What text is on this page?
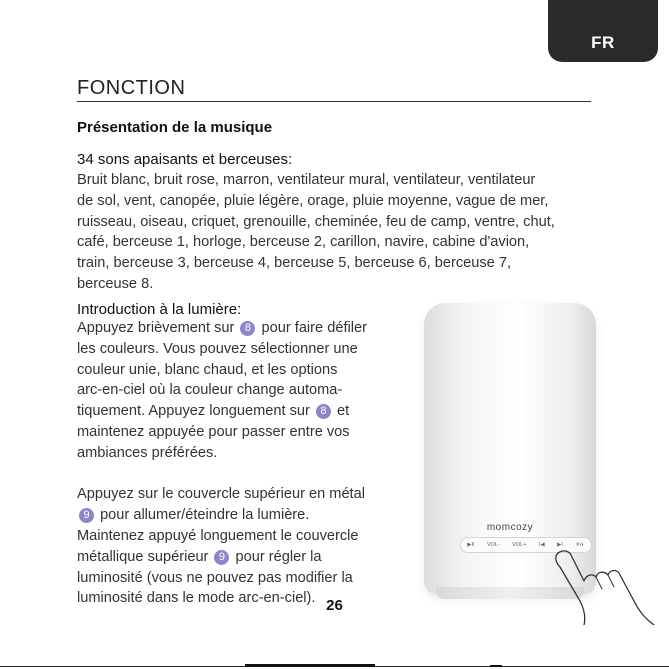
FR
FONCTION
Présentation de la musique
34 sons apaisants et berceuses:

Bruit blanc, bruit rose, marron, ventilateur mural, ventilateur, ventilateur

de sol, vent, canopée, pluie légère, orage, pluie moyenne, vague de mer,

ruisseau, oiseau, criquet, grenouille, cheminée, feu de camp, ventre, chut,

café, berceuse 1, horloge, berceuse 2, carillon, navire, cabine d'avion,

train, berceuse 3, berceuse 4, berceuse 5, berceuse 6, berceuse 7,

berceuse 8.

Introduction à la lumière:

Appuyez brièvement sur 8 pour faire défiler

les couleurs. Vous pouvez sélectionner une

couleur unie, blanc chaud, et les options

arc-en-ciel où la couleur change automa-

tiquement. Appuyez longuement sur 8 et

maintenez appuyée pour passer entre vos

ambiances préférées.

Appuyez sur le couvercle supérieur en métal

9 pour allumer/éteindre la lumière.

Maintenez appuyé longuement le couvercle

métallique supérieur 9 pour régler la

luminosité (vous ne pouvez pas modifier la

luminosité dans le mode arc-en-ciel).

momcozy
▶II VOL- VOL+ I◀ ▶I ✳/◐
26
